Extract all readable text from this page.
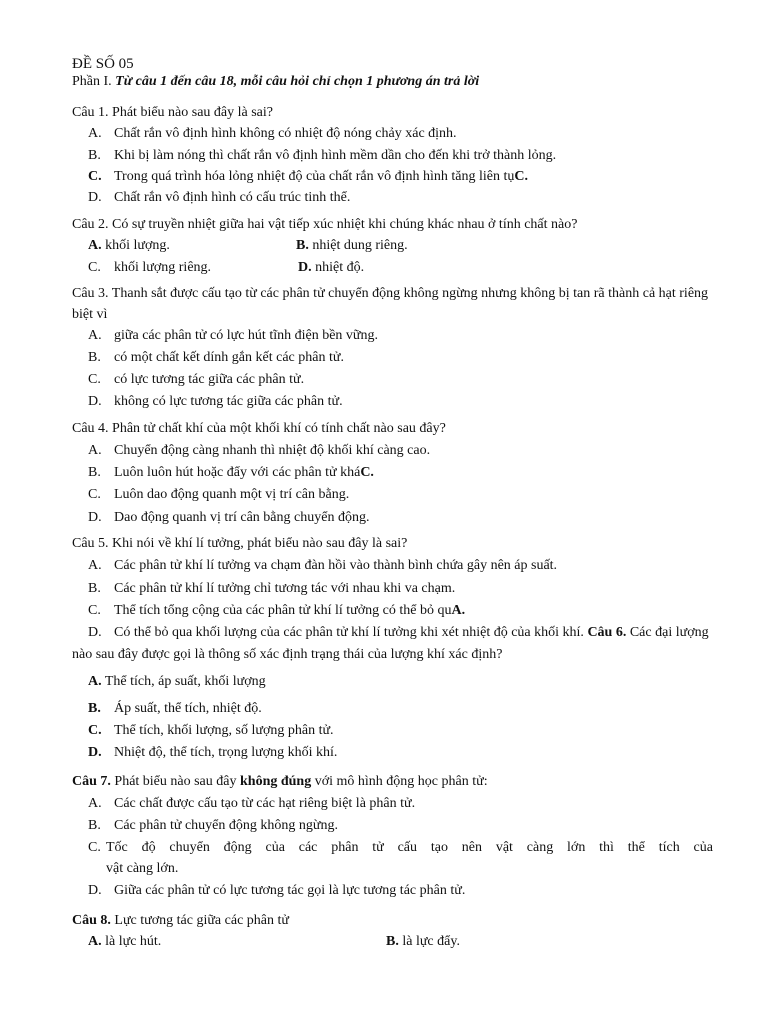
ĐỀ SỐ 05
Phần I. Từ câu 1 đến câu 18, mỗi câu hỏi chỉ chọn 1 phương án trả lời
Câu 1. Phát biểu nào sau đây là sai?
A. Chất rắn vô định hình không có nhiệt độ nóng chảy xác định.
B. Khi bị làm nóng thì chất rắn vô định hình mềm dần cho đến khi trở thành lỏng.
C. Trong quá trình hóa lỏng nhiệt độ của chất rắn vô định hình tăng liên tụC.
D. Chất rắn vô định hình có cấu trúc tinh thể.
Câu 2. Có sự truyền nhiệt giữa hai vật tiếp xúc nhiệt khi chúng khác nhau ở tính chất nào?
A. khối lượng.	B. nhiệt dung riêng.
C. khối lượng riêng.	D. nhiệt độ.
Câu 3. Thanh sắt được cấu tạo từ các phân tử chuyển động không ngừng nhưng không bị tan rã thành cả hạt riêng
biệt vì
A. giữa các phân tử có lực hút tĩnh điện bền vững.
B. có một chất kết dính gắn kết các phân tử.
C. có lực tương tác giữa các phân tử.
D. không có lực tương tác giữa các phân tử.
Câu 4. Phân tử chất khí của một khối khí có tính chất nào sau đây?
A. Chuyển động càng nhanh thì nhiệt độ khối khí càng cao.
B. Luôn luôn hút hoặc đẩy với các phân tử kháC.
C. Luôn dao động quanh một vị trí cân bằng.
D. Dao động quanh vị trí cân bằng chuyển động.
Câu 5. Khi nói về khí lí tưởng, phát biểu nào sau đây là sai?
A. Các phân tử khí lí tưởng va chạm đàn hồi vào thành bình chứa gây nên áp suất.
B. Các phân tử khí lí tưởng chỉ tương tác với nhau khi va chạm.
C. Thể tích tổng cộng của các phân tử khí lí tưởng có thể bỏ quA.
D. Có thể bỏ qua khối lượng của các phân tử khí lí tưởng khi xét nhiệt độ của khối khí. Câu 6. Các đại lượng
nào sau đây được gọi là thông số xác định trạng thái của lượng khí xác định?
A. Thể tích, áp suất, khối lượng
B. Áp suất, thể tích, nhiệt độ.
C. Thể tích, khối lượng, số lượng phân tử.
D. Nhiệt độ, thể tích, trọng lượng khối khí.
Câu 7. Phát biểu nào sau đây không đúng với mô hình động học phân tử:
A. Các chất được cấu tạo từ các hạt riêng biệt là phân tử.
B. Các phân tử chuyển động không ngừng.
C. Tốc độ chuyển động của các phân tử cấu tạo nên vật càng lớn thì thể tích của
vật càng lớn.
D. Giữa các phân tử có lực tương tác gọi là lực tương tác phân tử.
Câu 8. Lực tương tác giữa các phân tử
A. là lực hút.	B. là lực đẩy.
